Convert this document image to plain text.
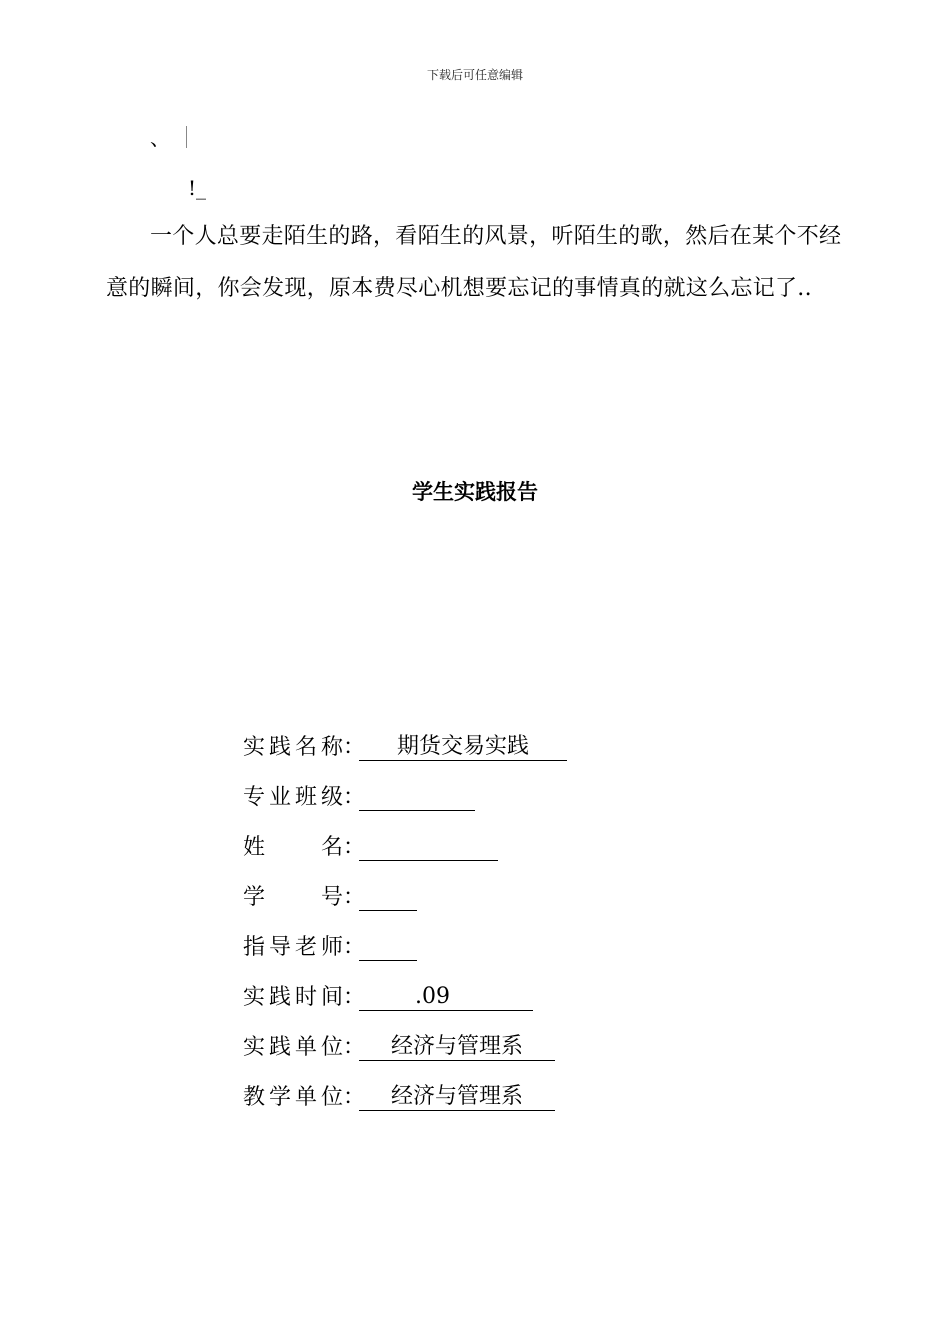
下载后可任意编辑
、
!_

一个人总要走陌生的路，看陌生的风景，听陌生的歌，然后在某个不经意的瞬间，你会发现，原本费尽心机想要忘记的事情真的就这么忘记了..

学生实践报告
实践名称 ：	期货交易实践
专业班级 ：
姓名 ：
学号 ：
指导老师 ：
实践时间 ：	.09
实践单位 ：	经济与管理系
教学单位 ：	经济与管理系
